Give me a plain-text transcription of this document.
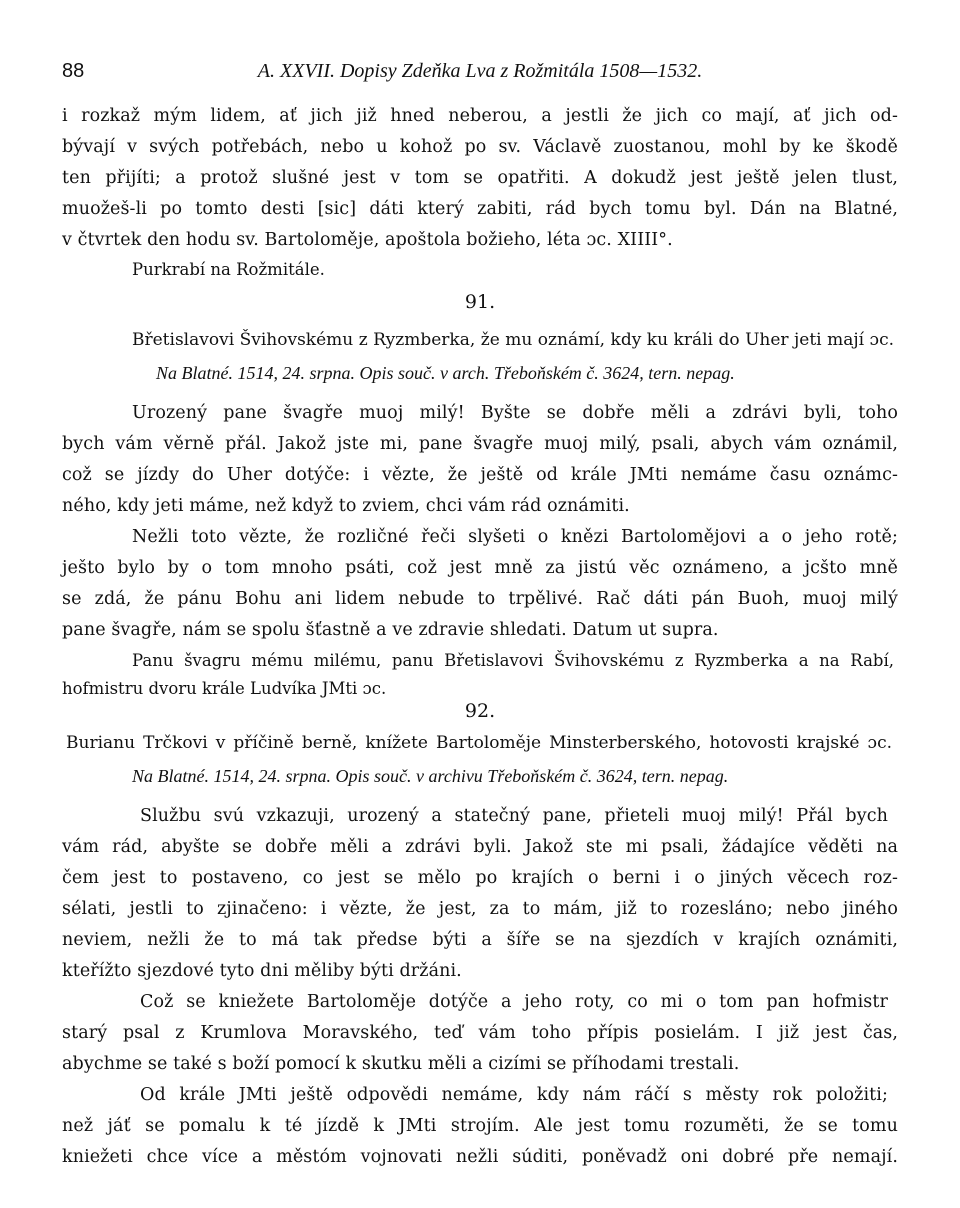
88	A. XXVII. Dopisy Zdeňka Lva z Rožmitála 1508—1532.
i rozkaž mým lidem, ať jich již hned neberou, a jestli že jich co mají, ať jich od-
bývají v svých potřebách, nebo u kohož po sv. Václavě zuostanou, mohl by ke škodě
ten přijíti; a protož slušné jest v tom se opatřiti. A dokudž jest ještě jelen tlust,
muožeš-li po tomto desti [sic] dáti který zabiti, rád bych tomu byl. Dán na Blatné,
v čtvrtek den hodu sv. Bartoloměje, apoštola božieho, léta ɔc. XIIII°.
Purkrabí na Rožmitále.
91.
Břetislavovi Švihovskému z Ryzmberka, že mu oznámí, kdy ku králi do Uher jeti mají ɔc.
Na Blatné. 1514, 24. srpna. Opis souč. v arch. Třeboňském č. 3624, tern. nepag.
Urozený pane švagře muoj milý! Byšte se dobře měli a zdrávi byli, toho
bych vám věrně přál. Jakož jste mi, pane švagře muoj milý, psali, abych vám oznámil,
což se jízdy do Uher dotýče: i vězte, že ještě od krále JMti nemáme času oznámc-
ného, kdy jeti máme, než když to zviem, chci vám rád oznámiti.
Nežli toto vězte, že rozličné řeči slyšeti o knězi Bartolomějovi a o jeho rotě;
ješto bylo by o tom mnoho psáti, což jest mně za jistú věc oznámeno, a jcšto mně
se zdá, že pánu Bohu ani lidem nebude to trpělivé. Rač dáti pán Buoh, muoj milý
pane švagře, nám se spolu šťastně a ve zdravie shledati. Datum ut supra.
Panu švagru mému milému, panu Břetislavovi Švihovskému z Ryzmberka a na Rabí,
hofmistru dvoru krále Ludvíka JMti ɔc.
92.
Burianu Trčkovi v příčině berně, knížete Bartoloměje Minsterberského, hotovosti krajské ɔc.
Na Blatné. 1514, 24. srpna. Opis souč. v archivu Třeboňském č. 3624, tern. nepag.
Službu svú vzkazuji, urozený a statečný pane, přieteli muoj milý! Přál bych
vám rád, abyšte se dobře měli a zdrávi byli. Jakož ste mi psali, žádajíce věděti na
čem jest to postaveno, co jest se mělo po krajích o berni i o jiných věcech roz-
sélati, jestli to zjinačeno: i vězte, že jest, za to mám, již to rozesláno; nebo jiného
neviem, nežli že to má tak předse býti a šíře se na sjezdích v krajích oznámiti,
kteřížto sjezdové tyto dni měliby býti držáni.
Což se kniežete Bartoloměje dotýče a jeho roty, co mi o tom pan hofmistr
starý psal z Krumlova Moravského, teď vám toho přípis posielám. I již jest čas,
abychme se také s boží pomocí k skutku měli a cizími se příhodami trestali.
Od krále JMti ještě odpovědi nemáme, kdy nám ráčí s městy rok položiti;
než jáť se pomalu k té jízdě k JMti strojím. Ale jest tomu rozuměti, že se tomu
kniežeti chce více a městóm vojnovati nežli súditi, poněvadž oni dobré pře nemají.
